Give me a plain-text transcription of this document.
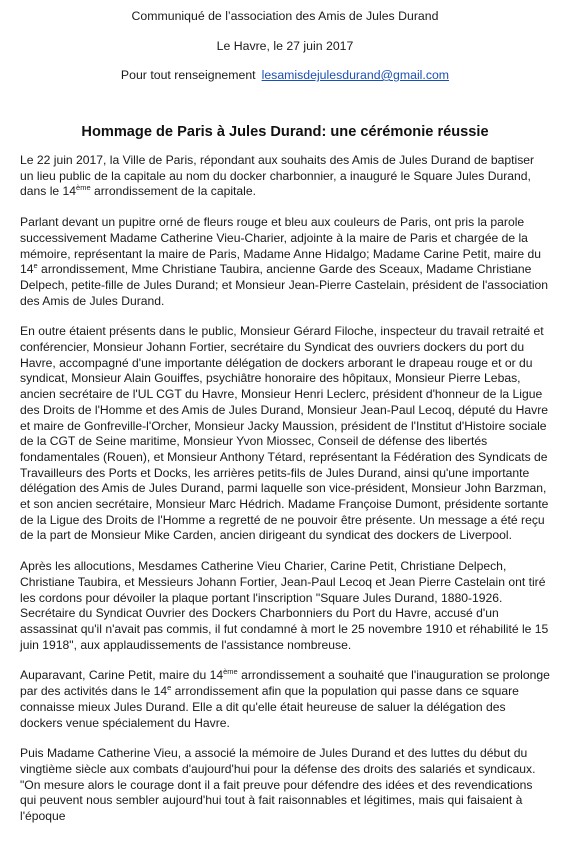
Communiqué de l’association des Amis de Jules Durand

Le Havre, le 27 juin 2017

Pour tout renseignement lesamisdejulesdurand@gmail.com

Hommage de Paris à Jules Durand: une cérémonie réussie

Le 22 juin 2017, la Ville de Paris, répondant aux souhaits des Amis de Jules Durand de baptiser un lieu public de la capitale au nom du docker charbonnier, a inauguré le Square Jules Durand, dans le 14ème arrondissement de la capitale.

Parlant devant un pupitre orné de fleurs rouge et bleu aux couleurs de Paris, ont pris la parole successivement Madame Catherine Vieu-Charier, adjointe à la maire de Paris et chargée de la mémoire, représentant la maire de Paris, Madame Anne Hidalgo; Madame Carine Petit, maire du 14e arrondissement, Mme Christiane Taubira, ancienne Garde des Sceaux, Madame Christiane Delpech, petite-fille de Jules Durand; et Monsieur Jean-Pierre Castelain, président de l'association des Amis de Jules Durand.

En outre étaient présents dans le public, Monsieur Gérard Filoche, inspecteur du travail retraité et conférencier, Monsieur Johann Fortier, secrétaire du Syndicat des ouvriers dockers du port du Havre, accompagné d'une importante délégation de dockers arborant le drapeau rouge et or du syndicat, Monsieur Alain Gouiffes, psychiâtre honoraire des hôpitaux, Monsieur Pierre Lebas, ancien secrétaire de l'UL CGT du Havre, Monsieur Henri Leclerc, président d'honneur de la Ligue des Droits de l'Homme et des Amis de Jules Durand, Monsieur Jean-Paul Lecoq, député du Havre et maire de Gonfreville-l'Orcher, Monsieur Jacky Maussion, président de l'Institut d'Histoire sociale de la CGT de Seine maritime, Monsieur Yvon Miossec, Conseil de défense des libertés fondamentales (Rouen), et Monsieur Anthony Tétard, représentant la Fédération des Syndicats de Travailleurs des Ports et Docks, les arrières petits-fils de Jules Durand, ainsi qu'une importante délégation des Amis de Jules Durand, parmi laquelle son vice-président, Monsieur John Barzman, et son ancien secrétaire, Monsieur Marc Hédrich. Madame Françoise Dumont, présidente sortante de la Ligue des Droits de l'Homme a regretté de ne pouvoir être présente. Un message a été reçu de la part de Monsieur Mike Carden, ancien dirigeant du syndicat des dockers de Liverpool.

Après les allocutions, Mesdames Catherine Vieu Charier, Carine Petit, Christiane Delpech, Christiane Taubira, et Messieurs Johann Fortier, Jean-Paul Lecoq et Jean Pierre Castelain ont tiré les cordons pour dévoiler la plaque portant l'inscription "Square Jules Durand, 1880-1926. Secrétaire du Syndicat Ouvrier des Dockers Charbonniers du Port du Havre, accusé d'un assassinat qu'il n'avait pas commis, il fut condamné à mort le 25 novembre 1910 et réhabilité le 15 juin 1918", aux applaudissements de l'assistance nombreuse.

Auparavant, Carine Petit, maire du 14ème arrondissement a souhaité que l'inauguration se prolonge par des activités dans le 14e arrondissement afin que la population qui passe dans ce square connaisse mieux Jules Durand. Elle a dit qu'elle était heureuse de saluer la délégation des dockers venue spécialement du Havre.

Puis Madame Catherine Vieu, a associé la mémoire de Jules Durand et des luttes du début du vingtième siècle aux combats d'aujourd'hui pour la défense des droits des salariés et syndicaux. "On mesure alors le courage dont il a fait preuve pour défendre des idées et des revendications qui peuvent nous sembler aujourd'hui tout à fait raisonnables et légitimes, mais qui faisaient à l'époque
